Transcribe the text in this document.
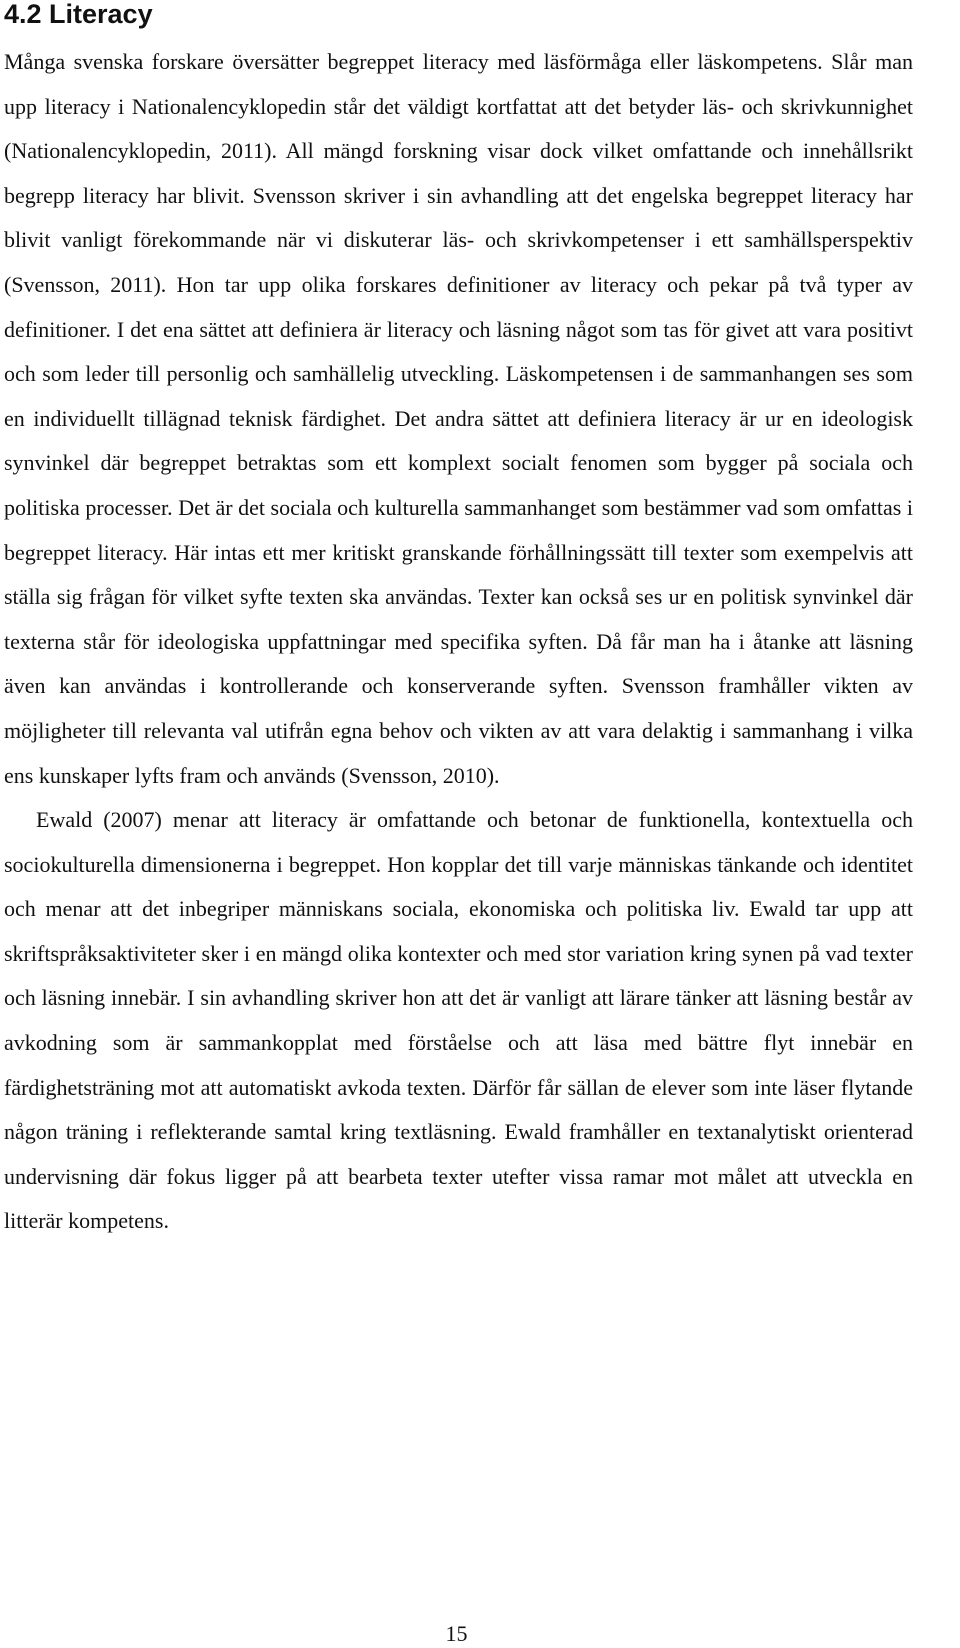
4.2 Literacy

Många svenska forskare översätter begreppet literacy med läsförmåga eller läskompetens. Slår man upp literacy i Nationalencyklopedin står det väldigt kortfattat att det betyder läs- och skrivkunnighet (Nationalencyklopedin, 2011). All mängd forskning visar dock vilket omfattande och innehållsrikt begrepp literacy har blivit. Svensson skriver i sin avhandling att det engelska begreppet literacy har blivit vanligt förekommande när vi diskuterar läs- och skrivkompetenser i ett samhällsperspektiv (Svensson, 2011). Hon tar upp olika forskares definitioner av literacy och pekar på två typer av definitioner. I det ena sättet att definiera är literacy och läsning något som tas för givet att vara positivt och som leder till personlig och samhällelig utveckling. Läskompetensen i de sammanhangen ses som en individuellt tillägnad teknisk färdighet. Det andra sättet att definiera literacy är ur en ideologisk synvinkel där begreppet betraktas som ett komplext socialt fenomen som bygger på sociala och politiska processer. Det är det sociala och kulturella sammanhanget som bestämmer vad som omfattas i begreppet literacy. Här intas ett mer kritiskt granskande förhållningssätt till texter som exempelvis att ställa sig frågan för vilket syfte texten ska användas. Texter kan också ses ur en politisk synvinkel där texterna står för ideologiska uppfattningar med specifika syften. Då får man ha i åtanke att läsning även kan användas i kontrollerande och konserverande syften. Svensson framhåller vikten av möjligheter till relevanta val utifrån egna behov och vikten av att vara delaktig i sammanhang i vilka ens kunskaper lyfts fram och används (Svensson, 2010).

Ewald (2007) menar att literacy är omfattande och betonar de funktionella, kontextuella och sociokulturella dimensionerna i begreppet. Hon kopplar det till varje människas tänkande och identitet och menar att det inbegriper människans sociala, ekonomiska och politiska liv. Ewald tar upp att skriftspråksaktiviteter sker i en mängd olika kontexter och med stor variation kring synen på vad texter och läsning innebär. I sin avhandling skriver hon att det är vanligt att lärare tänker att läsning består av avkodning som är sammankopplat med förståelse och att läsa med bättre flyt innebär en färdighetsträning mot att automatiskt avkoda texten. Därför får sällan de elever som inte läser flytande någon träning i reflekterande samtal kring textläsning. Ewald framhåller en textanalytiskt orienterad undervisning där fokus ligger på att bearbeta texter utefter vissa ramar mot målet att utveckla en litterär kompetens.

15
